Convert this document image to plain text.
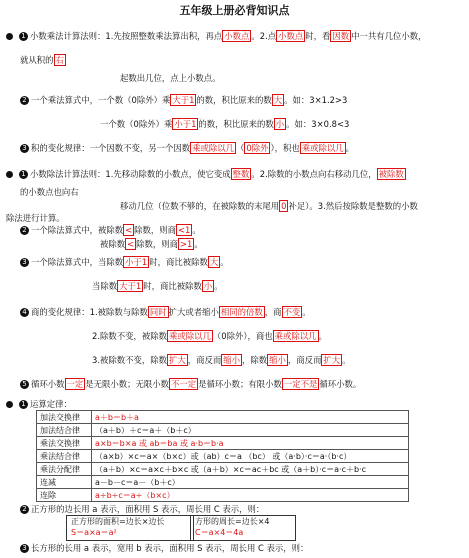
五年级上册必背知识点
1 小数乘法计算法则：1.先按照整数乘法算出积，再点 小数点 。2.点 小数点 时，看 因数 中一共有几位小数，
就从积的 右
起数出几位，点上小数点。
2 一个乘法算式中，一个数（0除外）乘 大于1 的数，积比原来的数 大 。如：3×1.2>3
一个数（0除外）乘 小于1 的数，积比原来的数 小 。如：3×0.8<3
3 积的变化规律：一个因数不变，另一个因数 乘或除以几 （ 0除外 ），积也 乘或除以几 。
1 小数除法计算法则：1.先移动除数的小数点，使它变成 整数 。2.除数的小数点向右移动几位， 被除数
的小数点也向右
移动几位（位数不够的，在被除数的末尾用 0 补足）。3.然后按除数是整数的小数
除法进行计算。
2 一个除法算式中，被除数 < 除数，则商 <1 。
被除数 < 除数，则商 >1 。
3 一个除法算式中，当除数 小于1 时，商比被除数 大 。
当除数 大于1 时，商比被除数 小 。
4 商的变化规律：1.被除数与除数 同时 扩大或者缩小 相同的倍数 ，商 不变 。
2.除数不变，被除数 乘或除以几 （0除外），商也 乘或除以几 。
3.被除数不变，除数 扩大 ，商反而 缩小 ，除数 缩小 ，商反而 扩大 。
5 循环小数 一定 是无限小数；无限小数 不一定 是循环小数；有限小数 一定不是 循环小数。
1 运算定律：
加法交换律	a＋b＝b＋a
加法结合律	（a＋b）＋c＝a＋（b＋c）
乘法交换律	a×b＝b×a 或 ab＝ba 或 a·b＝b·a
乘法结合律	（a×b）×c＝a×（b×c）或（ab）c＝a （bc） 或（a·b）·c＝a·（b·c）
乘法分配律	（a＋b）×c＝a×c＋b×c 或（a＋b）×c＝ac＋bc 或（a＋b）·c＝a·c＋b·c
连减	a－b－c＝a－（b＋c）
连除	a÷b÷c＝a÷（b×c）
2 正方形的边长用 a 表示，面积用 S 表示，周长用 C 表示，则：
正方形的面积=边长×边长
S＝a×a＝a²
方形的周长=边长×4
C＝a×4＝4a
3 长方形的长用 a 表示，宽用 b 表示，面积用 S 表示，周长用 C 表示，则：
